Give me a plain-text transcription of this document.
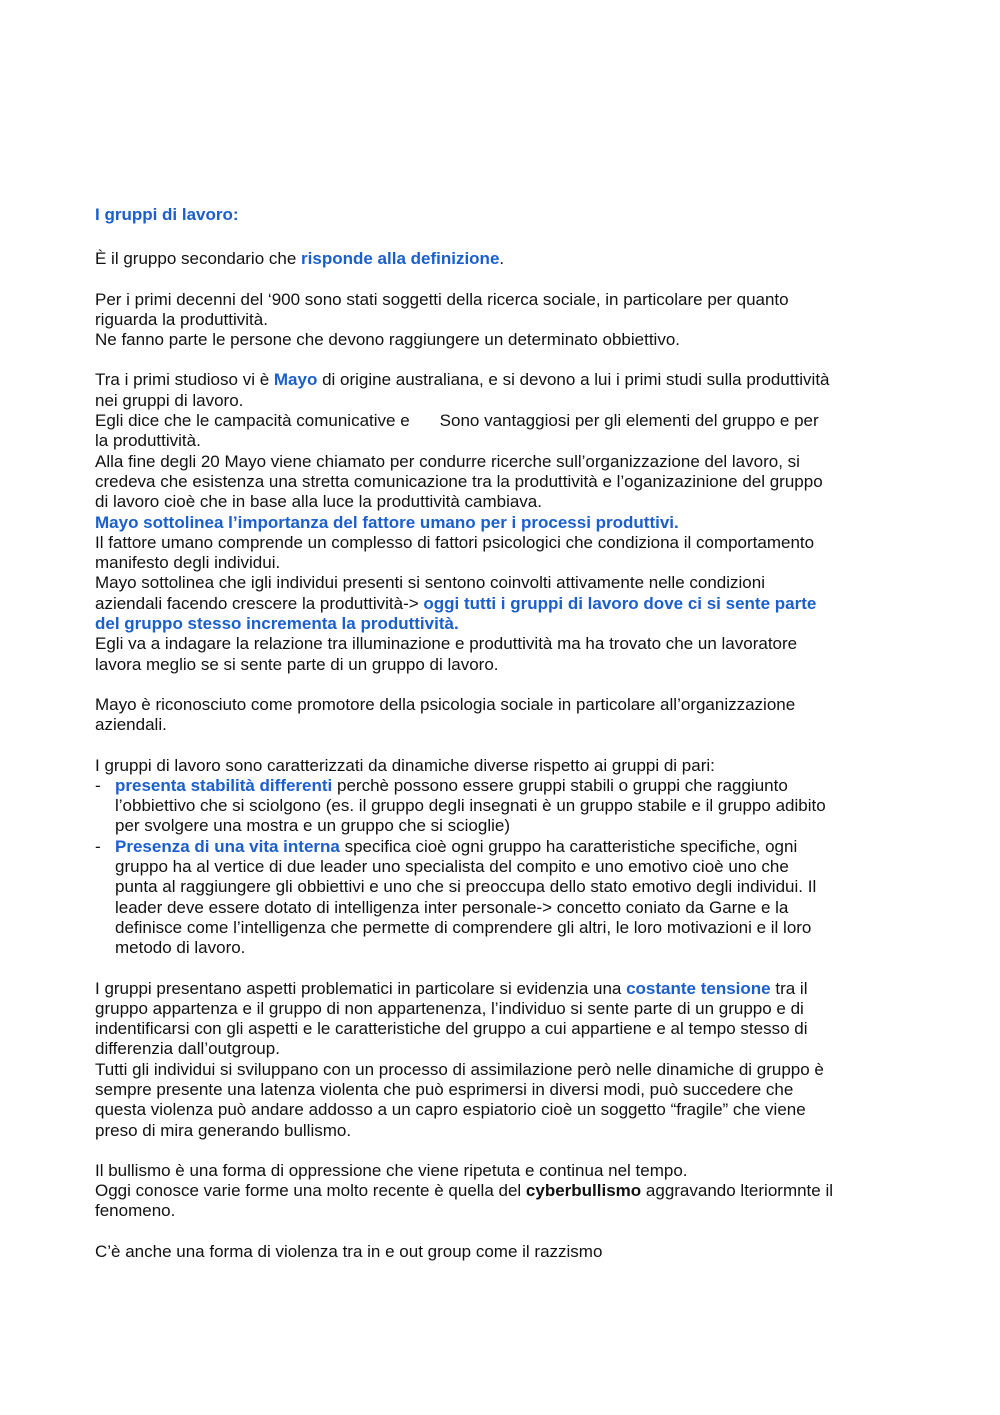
I gruppi di lavoro:

È il gruppo secondario che risponde alla definizione.

Per i primi decenni del ‘900 sono stati soggetti della ricerca sociale, in particolare per quanto

riguarda la produttività.

Ne fanno parte le persone che devono raggiungere un determinato obbiettivo.

Tra i primi studioso vi è Mayo di origine australiana, e si devono a lui i primi studi sulla produttività

nei gruppi di lavoro.

Egli dice che le campacità comunicative e Sono vantaggiosi per gli elementi del gruppo e per

la produttività.

Alla fine degli 20 Mayo viene chiamato per condurre ricerche sull’organizzazione del lavoro, si

credeva che esistenza una stretta comunicazione tra la produttività e l’oganizazinione del gruppo

di lavoro cioè che in base alla luce la produttività cambiava.

Mayo sottolinea l’importanza del fattore umano per i processi produttivi.

Il fattore umano comprende un complesso di fattori psicologici che condiziona il comportamento

manifesto degli individui.

Mayo sottolinea che igli individui presenti si sentono coinvolti attivamente nelle condizioni

aziendali facendo crescere la produttività-> oggi tutti i gruppi di lavoro dove ci si sente parte

del gruppo stesso incrementa la produttività.

Egli va a indagare la relazione tra illuminazione e produttività ma ha trovato che un lavoratore

lavora meglio se si sente parte di un gruppo di lavoro.

Mayo è riconosciuto come promotore della psicologia sociale in particolare all’organizzazione

aziendali.

I gruppi di lavoro sono caratterizzati da dinamiche diverse rispetto ai gruppi di pari:

- presenta stabilità differenti perchè possono essere gruppi stabili o gruppi che raggiunto

l’obbiettivo che si sciolgono (es. il gruppo degli insegnati è un gruppo stabile e il gruppo adibito

per svolgere una mostra e un gruppo che si scioglie)

- Presenza di una vita interna specifica cioè ogni gruppo ha caratteristiche specifiche, ogni

gruppo ha al vertice di due leader uno specialista del compito e uno emotivo cioè uno che

punta al raggiungere gli obbiettivi e uno che si preoccupa dello stato emotivo degli individui. Il

leader deve essere dotato di intelligenza inter personale-> concetto coniato da Garne e la

definisce come l’intelligenza che permette di comprendere gli altri, le loro motivazioni e il loro

metodo di lavoro.

I gruppi presentano aspetti problematici in particolare si evidenzia una costante tensione tra il

gruppo appartenza e il gruppo di non appartenenza, l’individuo si sente parte di un gruppo e di

indentificarsi con gli aspetti e le caratteristiche del gruppo a cui appartiene e al tempo stesso di

differenzia dall’outgroup.

Tutti gli individui si sviluppano con un processo di assimilazione però nelle dinamiche di gruppo è

sempre presente una latenza violenta che può esprimersi in diversi modi, può succedere che

questa violenza può andare addosso a un capro espiatorio cioè un soggetto “fragile” che viene

preso di mira generando bullismo.

Il bullismo è una forma di oppressione che viene ripetuta e continua nel tempo.

Oggi conosce varie forme una molto recente è quella del cyberbullismo aggravando lteriormnte il

fenomeno.

C’è anche una forma di violenza tra in e out group come il razzismo
